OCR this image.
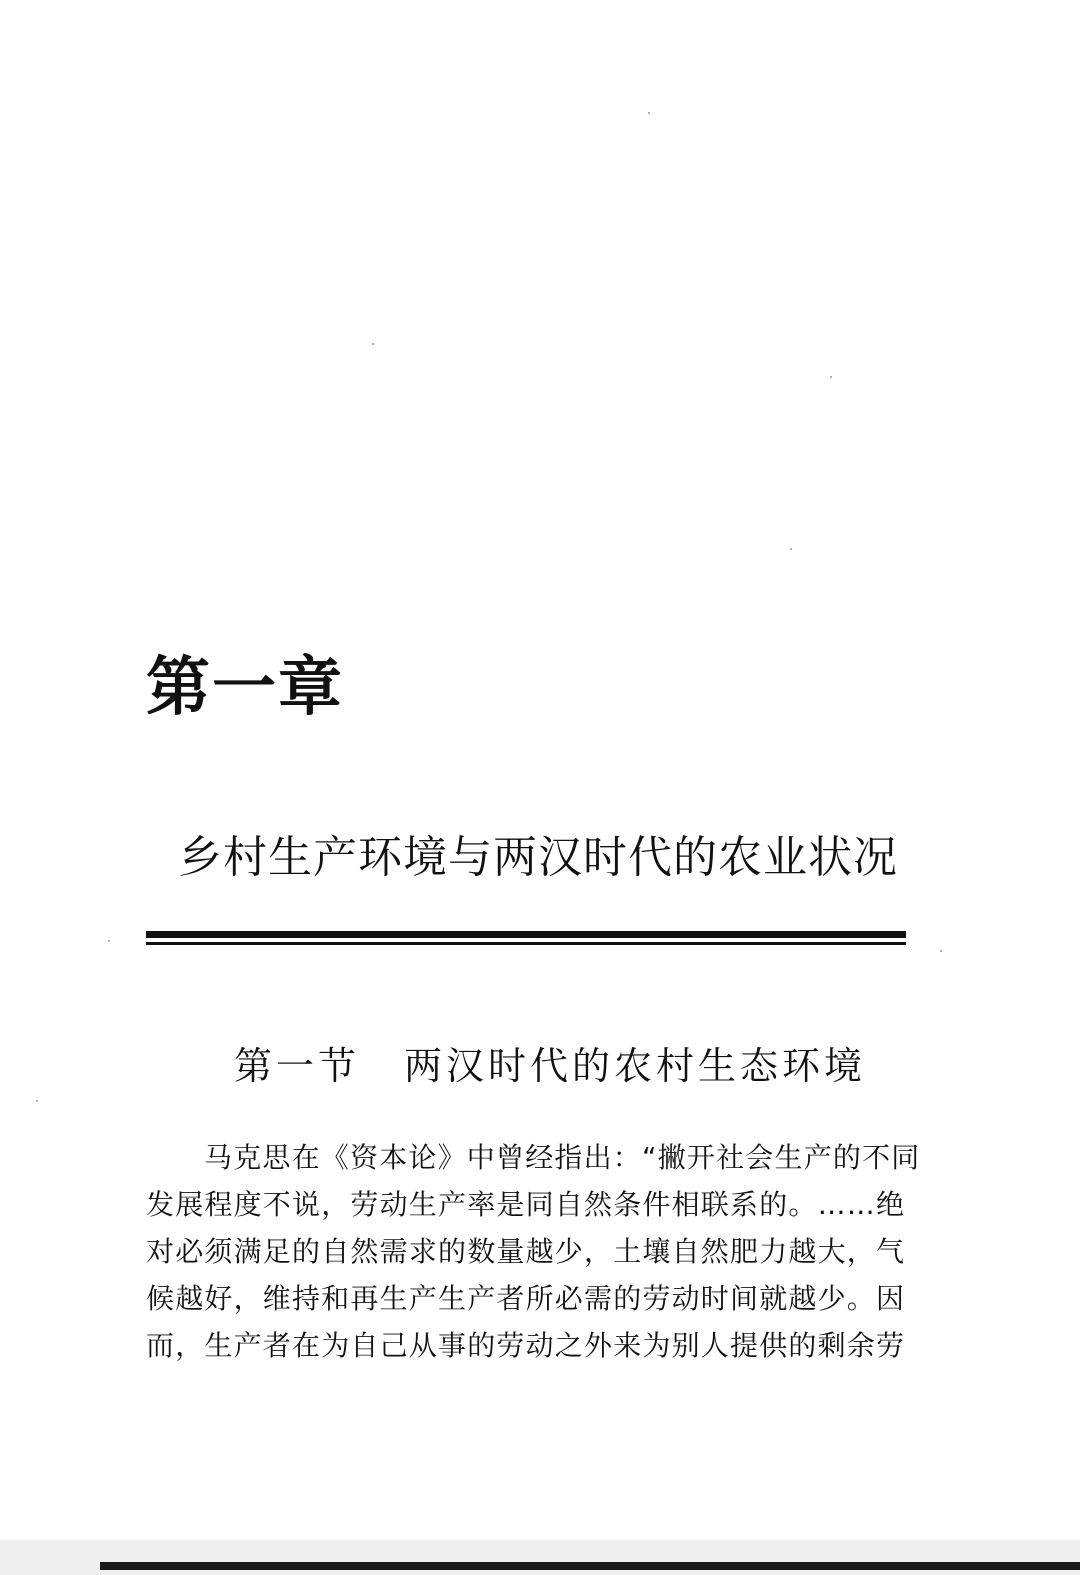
第一章
乡村生产环境与两汉时代的农业状况
第一节 两汉时代的农村生态环境
马克思在《资本论》中曾经指出：“撇开社会生产的不同
发展程度不说，劳动生产率是同自然条件相联系的。……绝
对必须满足的自然需求的数量越少，土壤自然肥力越大，气
候越好，维持和再生产生产者所必需的劳动时间就越少。因
而，生产者在为自己从事的劳动之外来为别人提供的剩余劳
